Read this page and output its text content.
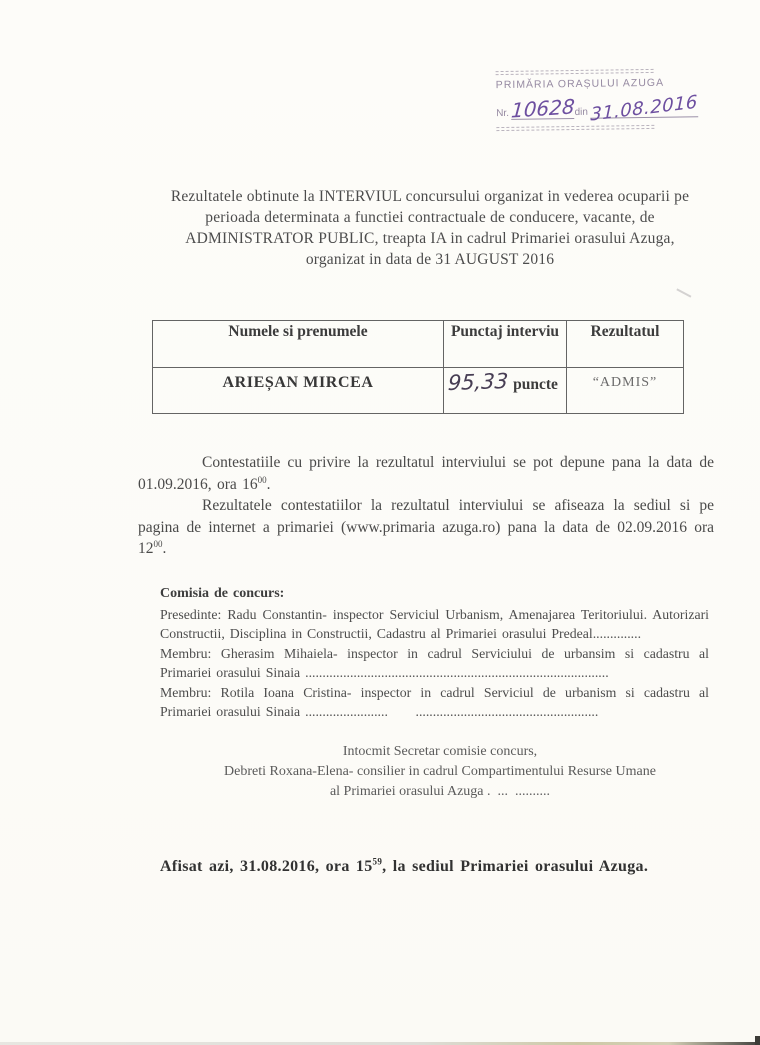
PRIMĂRIA ORAȘULUI AZUGA
Nr. 10628 din 31.08.2016
Rezultatele obtinute la INTERVIUL concursului organizat in vederea ocuparii pe
perioada determinata a functiei contractuale de conducere, vacante, de
ADMINISTRATOR PUBLIC, treapta IA in cadrul Primariei orasului Azuga,
organizat in data de 31 AUGUST 2016
Numele si prenumele	Punctaj interviu	Rezultatul
ARIEȘAN MIRCEA	95,33 puncte	“ADMIS”

Contestatiile cu privire la rezultatul interviului se pot depune pana la data de 01.09.2016, ora $16^{00}$.

Rezultatele contestatiilor la rezultatul interviului se afiseaza la sediul si pe pagina de internet a primariei (www.primaria azuga.ro) pana la data de 02.09.2016 ora $12^{00}$.

Comisia de concurs:

Presedinte: Radu Constantin- inspector Serviciul Urbanism, Amenajarea Teritoriului. Autorizari Constructii, Disciplina in Constructii, Cadastru al Primariei orasului Predeal..............

Membru: Gherasim Mihaiela- inspector in cadrul Serviciului de urbansim si cadastru al Primariei orasului Sinaia ........................................................................................

Membru: Rotila Ioana Cristina- inspector in cadrul Serviciul de urbanism si cadastru al Primariei orasului Sinaia ........................  .....................................................

Intocmit Secretar comisie concurs,
Debreti Roxana-Elena- consilier in cadrul Compartimentului Resurse Umane
al Primariei orasului Azuga . ... ..........
Afisat azi, 31.08.2016, ora $15^{59}$, la sediul Primariei orasului Azuga.
